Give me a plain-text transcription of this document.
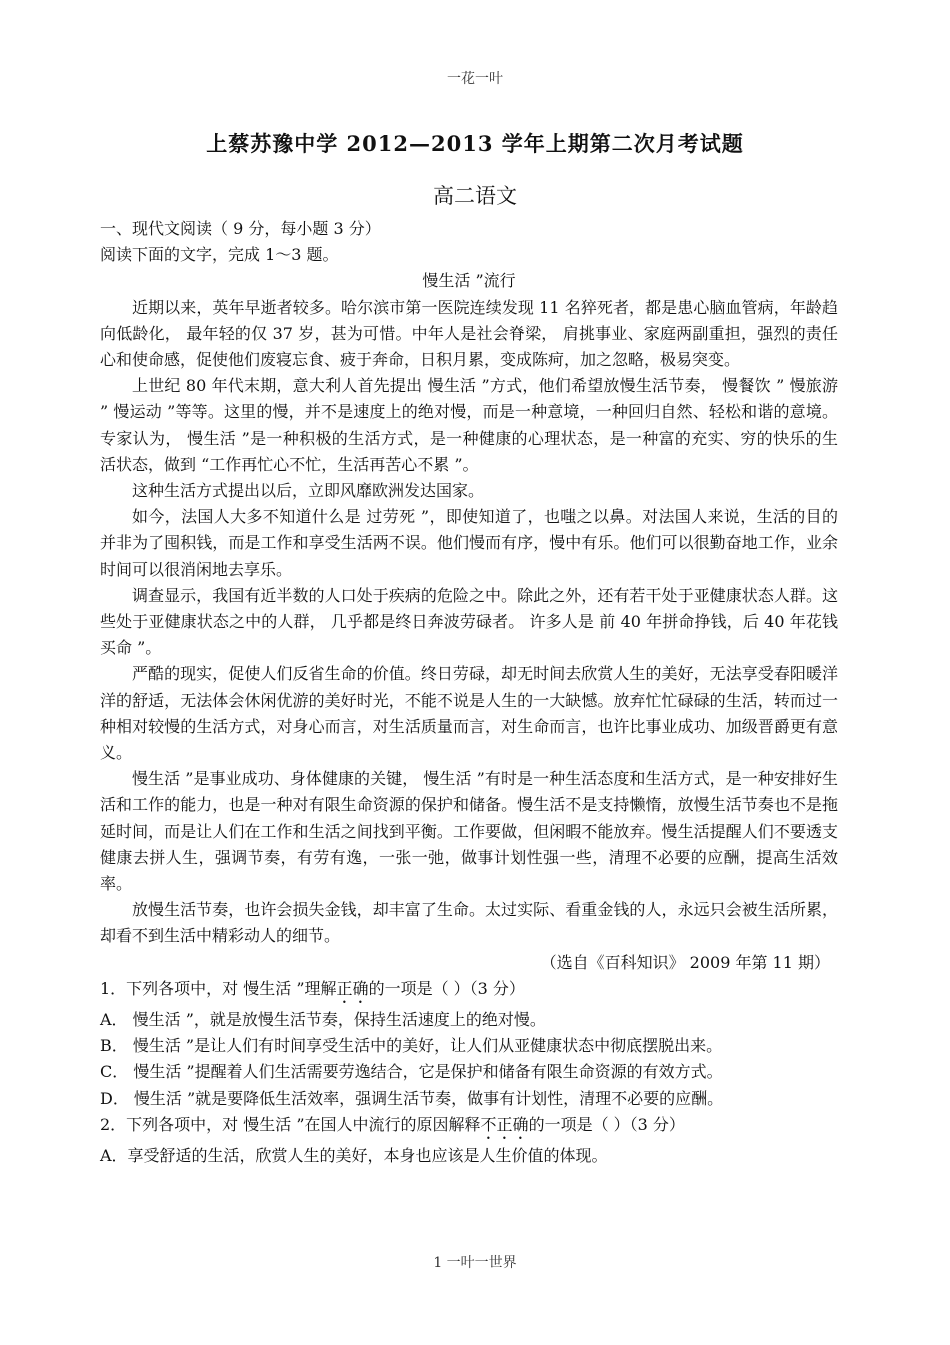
一花一叶
上蔡苏豫中学 2012—2013 学年上期第二次月考试题
高二语文

一、现代文阅读（ 9 分，每小题 3 分）

阅读下面的文字，完成 1～3 题。

慢生活 ”流行

近期以来，英年早逝者较多。哈尔滨市第一医院连续发现 11 名猝死者，都是患心脑血管病，年龄趋向低龄化， 最年轻的仅 37 岁，甚为可惜。中年人是社会脊梁， 肩挑事业、家庭两副重担，强烈的责任心和使命感，促使他们废寝忘食、疲于奔命，日积月累，变成陈疴，加之忽略，极易突变。

上世纪 80 年代末期，意大利人首先提出 慢生活 ”方式，他们希望放慢生活节奏， 慢餐饮 ” 慢旅游 ” 慢运动 ”等等。这里的慢，并不是速度上的绝对慢，而是一种意境，一种回归自然、轻松和谐的意境。专家认为， 慢生活 ”是一种积极的生活方式，是一种健康的心理状态，是一种富的充实、穷的快乐的生活状态，做到 “工作再忙心不忙，生活再苦心不累 ”。

这种生活方式提出以后，立即风靡欧洲发达国家。

如今，法国人大多不知道什么是 过劳死 ”，即使知道了，也嗤之以鼻。对法国人来说，生活的目的并非为了囤积钱，而是工作和享受生活两不误。他们慢而有序，慢中有乐。他们可以很勤奋地工作，业余时间可以很消闲地去享乐。

调查显示，我国有近半数的人口处于疾病的危险之中。除此之外，还有若干处于亚健康状态人群。这些处于亚健康状态之中的人群， 几乎都是终日奔波劳碌者。 许多人是 前 40 年拼命挣钱，后 40 年花钱买命 ”。

严酷的现实，促使人们反省生命的价值。终日劳碌，却无时间去欣赏人生的美好，无法享受春阳暖洋洋的舒适，无法体会休闲优游的美好时光，不能不说是人生的一大缺憾。放弃忙忙碌碌的生活，转而过一种相对较慢的生活方式，对身心而言，对生活质量而言，对生命而言，也许比事业成功、加级晋爵更有意义。

慢生活 ”是事业成功、身体健康的关键， 慢生活 ”有时是一种生活态度和生活方式，是一种安排好生活和工作的能力，也是一种对有限生命资源的保护和储备。慢生活不是支持懒惰，放慢生活节奏也不是拖延时间，而是让人们在工作和生活之间找到平衡。工作要做，但闲暇不能放弃。慢生活提醒人们不要透支健康去拼人生，强调节奏，有劳有逸，一张一弛，做事计划性强一些，清理不必要的应酬，提高生活效率。

放慢生活节奏，也许会损失金钱，却丰富了生命。太过实际、看重金钱的人，永远只会被生活所累，却看不到生活中精彩动人的细节。

（选自《百科知识》 2009 年第 11 期）

1．下列各项中，对 慢生活 ”理解正确的一项是（ ）（3 分）

A． 慢生活 ”，就是放慢生活节奏，保持生活速度上的绝对慢。

B． 慢生活 ”是让人们有时间享受生活中的美好，让人们从亚健康状态中彻底摆脱出来。

C． 慢生活 ”提醒着人们生活需要劳逸结合，它是保护和储备有限生命资源的有效方式。

D． 慢生活 ”就是要降低生活效率，强调生活节奏，做事有计划性，清理不必要的应酬。

2．下列各项中，对 慢生活 ”在国人中流行的原因解释不正确的一项是（ ）（3 分）

A．享受舒适的生活，欣赏人生的美好，本身也应该是人生价值的体现。

1 一叶一世界
